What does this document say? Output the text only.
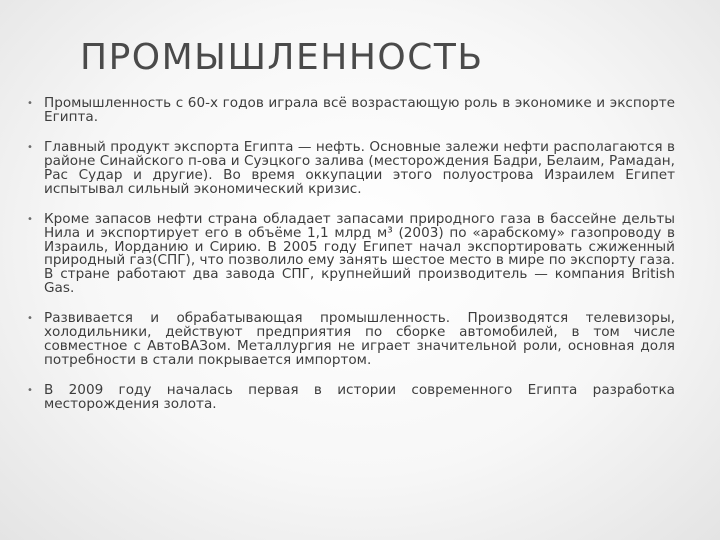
ПРОМЫШЛЕННОСТЬ
• Промышленность с 60-х годов играла всё возрастающую роль в экономике и экспорте Египта.
• Главный продукт экспорта Египта — нефть. Основные залежи нефти располагаются в районе Синайского п-ова и Суэцкого залива (месторождения Бадри, Белаим, Рамадан, Рас Судар и другие). Во время оккупации этого полуострова Израилем Египет испытывал сильный экономический кризис.
• Кроме запасов нефти страна обладает запасами природного газа в бассейне дельты Нила и экспортирует его в объёме 1,1 млрд м³ (2003) по «арабскому» газопроводу в Израиль, Иорданию и Сирию. В 2005 году Египет начал экспортировать сжиженный природный газ(СПГ), что позволило ему занять шестое место в мире по экспорту газа. В стране работают два завода СПГ, крупнейший производитель — компания British Gas.
• Развивается и обрабатывающая промышленность. Производятся телевизоры, холодильники, действуют предприятия по сборке автомобилей, в том числе совместное с АвтоВАЗом. Металлургия не играет значительной роли, основная доля потребности в стали покрывается импортом.
• В 2009 году началась первая в истории современного Египта разработка месторождения золота.
